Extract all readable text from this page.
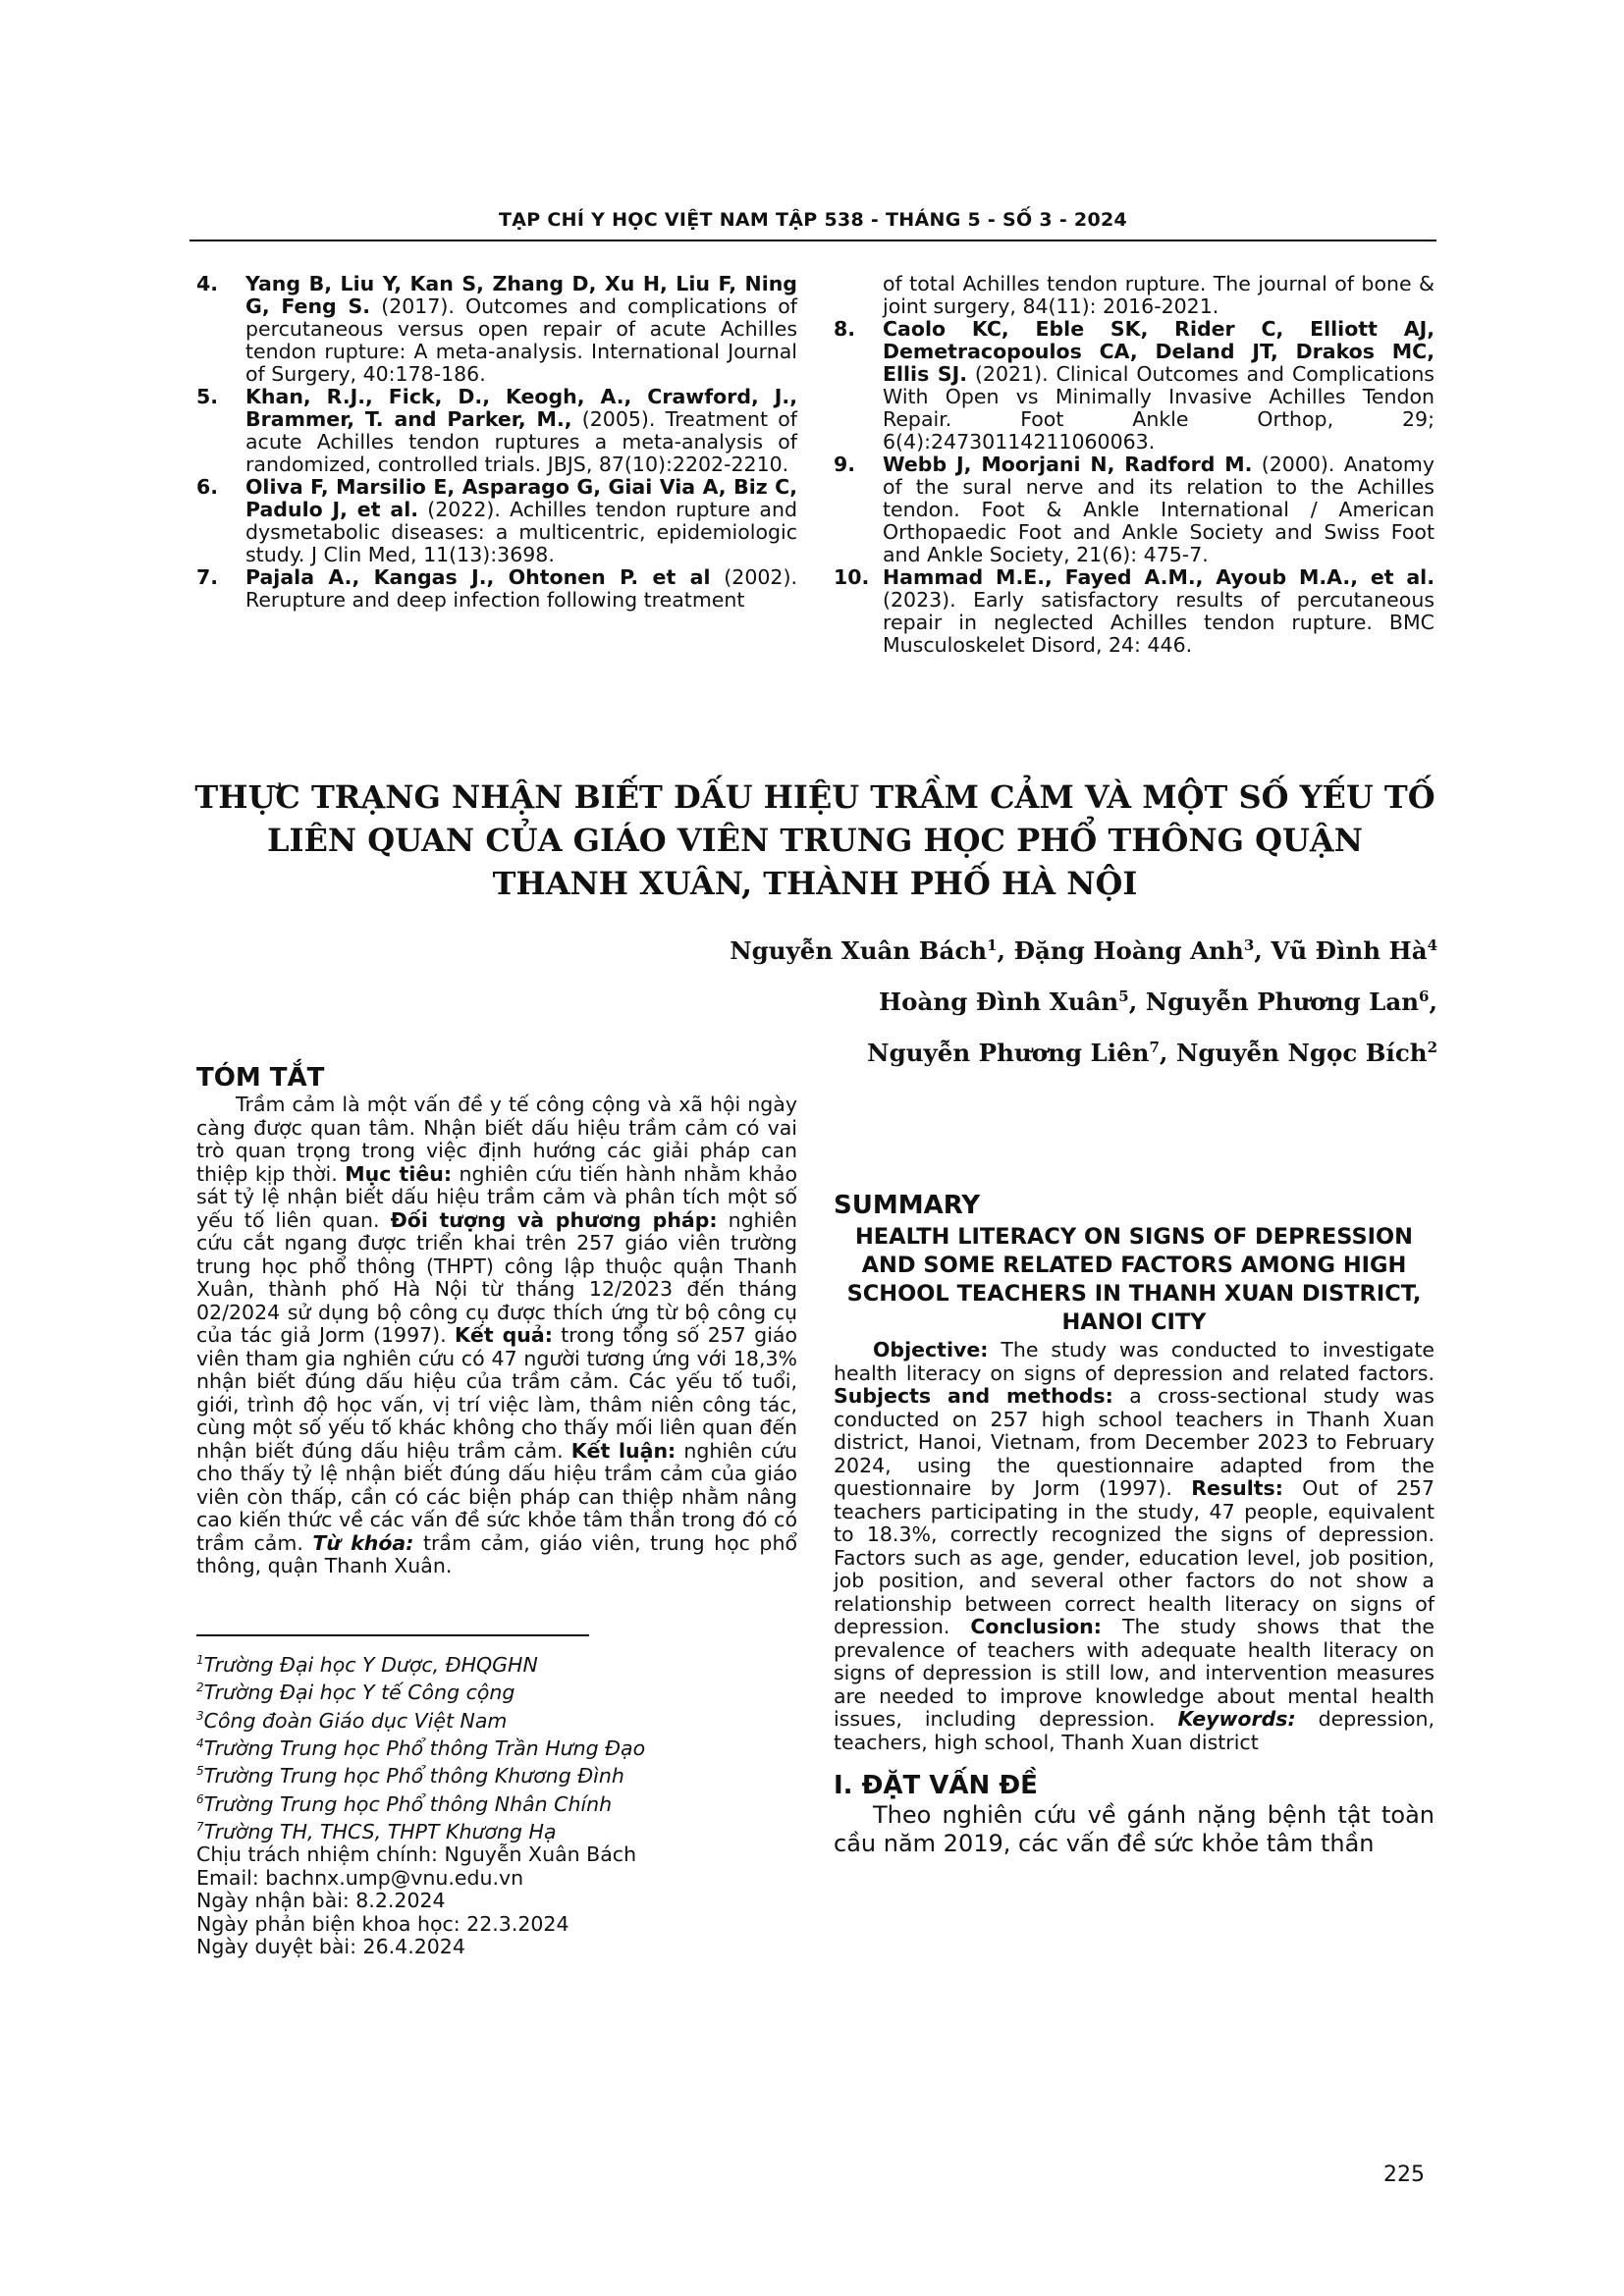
TẠP CHÍ Y HỌC VIỆT NAM TẬP 538 - THÁNG 5 - SỐ 3 - 2024
4. Yang B, Liu Y, Kan S, Zhang D, Xu H, Liu F, Ning G, Feng S. (2017). Outcomes and complications of percutaneous versus open repair of acute Achilles tendon rupture: A meta-analysis. International Journal of Surgery, 40:178-186.
5. Khan, R.J., Fick, D., Keogh, A., Crawford, J., Brammer, T. and Parker, M., (2005). Treatment of acute Achilles tendon ruptures a meta-analysis of randomized, controlled trials. JBJS, 87(10):2202-2210.
6. Oliva F, Marsilio E, Asparago G, Giai Via A, Biz C, Padulo J, et al. (2022). Achilles tendon rupture and dysmetabolic diseases: a multicentric, epidemiologic study. J Clin Med, 11(13):3698.
7. Pajala A., Kangas J., Ohtonen P. et al (2002). Rerupture and deep infection following treatment
of total Achilles tendon rupture. The journal of bone & joint surgery, 84(11): 2016-2021.
8. Caolo KC, Eble SK, Rider C, Elliott AJ, Demetracopoulos CA, Deland JT, Drakos MC, Ellis SJ. (2021). Clinical Outcomes and Complications With Open vs Minimally Invasive Achilles Tendon Repair. Foot Ankle Orthop, 29; 6(4):24730114211060063.
9. Webb J, Moorjani N, Radford M. (2000). Anatomy of the sural nerve and its relation to the Achilles tendon. Foot & Ankle International / American Orthopaedic Foot and Ankle Society and Swiss Foot and Ankle Society, 21(6): 475-7.
10. Hammad M.E., Fayed A.M., Ayoub M.A., et al. (2023). Early satisfactory results of percutaneous repair in neglected Achilles tendon rupture. BMC Musculoskelet Disord, 24: 446.
THỰC TRẠNG NHẬN BIẾT DẤU HIỆU TRẦM CẢM VÀ MỘT SỐ YẾU TỐ
LIÊN QUAN CỦA GIÁO VIÊN TRUNG HỌC PHỔ THÔNG QUẬN
THANH XUÂN, THÀNH PHỐ HÀ NỘI
Nguyễn Xuân Bách$^1$, Đặng Hoàng Anh$^3$, Vũ Đình $Hà^4$
Hoàng Đình Xuân$^5$, Nguyễn Phương Lan$^6$,
Nguyễn Phương Liên$^7$, Nguyễn Ngọc Bích$^2$

TÓM TẮT

Trầm cảm là một vấn đề y tế công cộng và xã hội ngày càng được quan tâm. Nhận biết dấu hiệu trầm cảm có vai trò quan trọng trong việc định hướng các giải pháp can thiệp kịp thời. Mục tiêu: nghiên cứu tiến hành nhằm khảo sát tỷ lệ nhận biết dấu hiệu trầm cảm và phân tích một số yếu tố liên quan. Đối tượng và phương pháp: nghiên cứu cắt ngang được triển khai trên 257 giáo viên trường trung học phổ thông (THPT) công lập thuộc quận Thanh Xuân, thành phố Hà Nội từ tháng 12/2023 đến tháng 02/2024 sử dụng bộ công cụ được thích ứng từ bộ công cụ của tác giả Jorm (1997). Kết quả: trong tổng số 257 giáo viên tham gia nghiên cứu có 47 người tương ứng với 18,3% nhận biết đúng dấu hiệu của trầm cảm. Các yếu tố tuổi, giới, trình độ học vấn, vị trí việc làm, thâm niên công tác, cùng một số yếu tố khác không cho thấy mối liên quan đến nhận biết đúng dấu hiệu trầm cảm. Kết luận: nghiên cứu cho thấy tỷ lệ nhận biết đúng dấu hiệu trầm cảm của giáo viên còn thấp, cần có các biện pháp can thiệp nhằm nâng cao kiến thức về các vấn đề sức khỏe tâm thần trong đó có trầm cảm. Từ khóa: trầm cảm, giáo viên, trung học phổ thông, quận Thanh Xuân.

$^1$Trường Đại học Y Dược, ĐHQGHN
$^2$Trường Đại học Y tế Công cộng
$^3$Công đoàn Giáo dục Việt Nam
$^4$Trường Trung học Phổ thông Trần Hưng Đạo
$^5$Trường Trung học Phổ thông Khương Đình
$^6$Trường Trung học Phổ thông Nhân Chính
$^7$Trường TH, THCS, THPT Khương Hạ
Chịu trách nhiệm chính: Nguyễn Xuân Bách
Email: bachnx.ump@vnu.edu.vn
Ngày nhận bài: 8.2.2024
Ngày phản biện khoa học: 22.3.2024
Ngày duyệt bài: 26.4.2024

SUMMARY

HEALTH LITERACY ON SIGNS OF DEPRESSION AND SOME RELATED FACTORS AMONG HIGH SCHOOL TEACHERS IN THANH XUAN DISTRICT, HANOI CITY

Objective: The study was conducted to investigate health literacy on signs of depression and related factors. Subjects and methods: a cross-sectional study was conducted on 257 high school teachers in Thanh Xuan district, Hanoi, Vietnam, from December 2023 to February 2024, using the questionnaire adapted from the questionnaire by Jorm (1997). Results: Out of 257 teachers participating in the study, 47 people, equivalent to 18.3%, correctly recognized the signs of depression. Factors such as age, gender, education level, job position, job position, and several other factors do not show a relationship between correct health literacy on signs of depression. Conclusion: The study shows that the prevalence of teachers with adequate health literacy on signs of depression is still low, and intervention measures are needed to improve knowledge about mental health issues, including depression. Keywords: depression, teachers, high school, Thanh Xuan district

I. ĐẶT VẤN ĐỀ

Theo nghiên cứu về gánh nặng bệnh tật toàn cầu năm 2019, các vấn đề sức khỏe tâm thần

225
